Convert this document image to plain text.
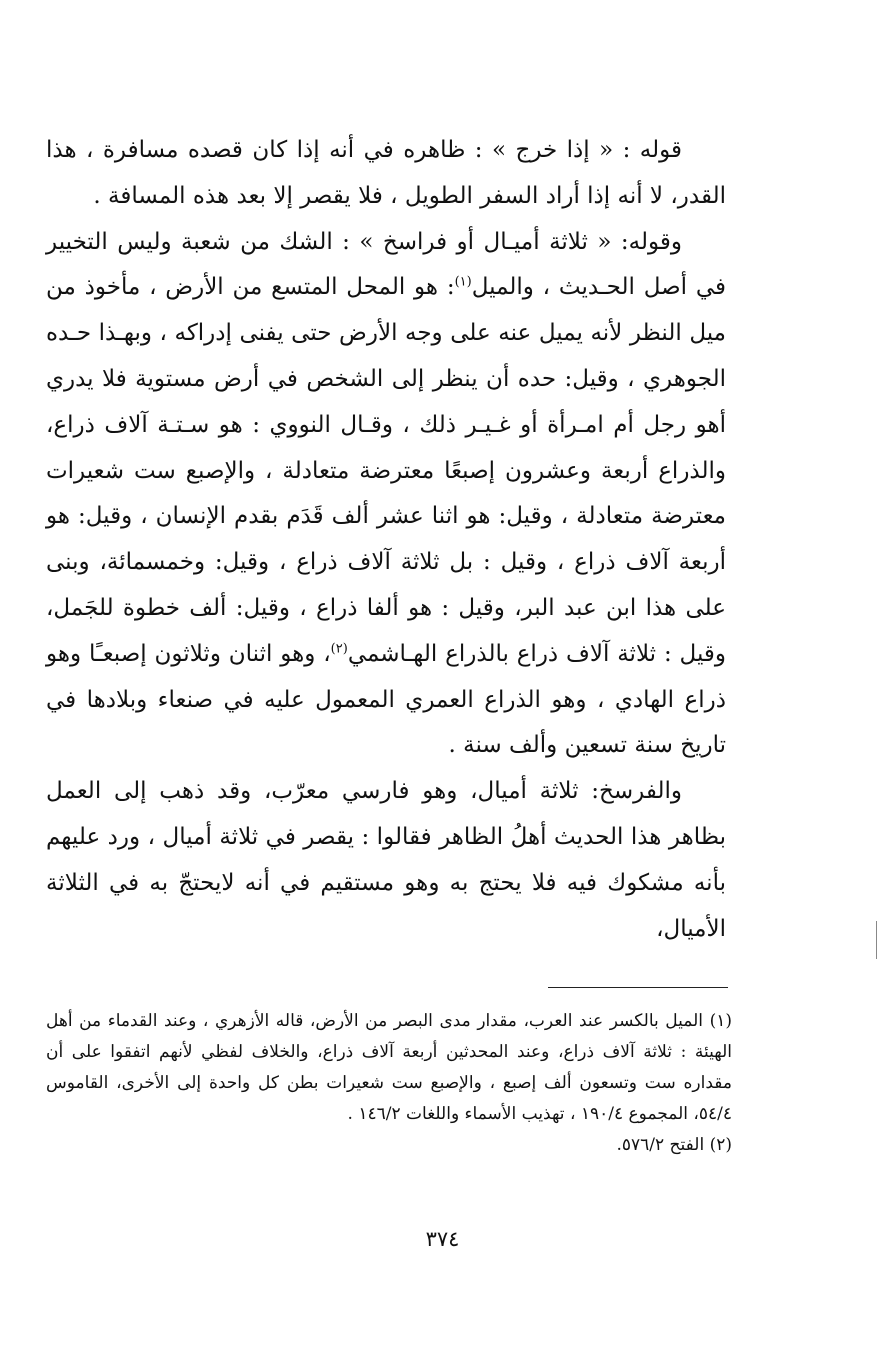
قوله : « إذا خرج » : ظاهره في أنه إذا كان قصده مسافرة ، هذا القدر، لا أنه إذا أراد السفر الطويل ، فلا يقصر إلا بعد هذه المسافة .

وقوله: « ثلاثة أميـال أو فراسخ » : الشك من شعبة وليس التخيير في أصل الحـديث ، والميل$^{(١)}$: هو المحل المتسع من الأرض ، مأخوذ من ميل النظر لأنه يميل عنه على وجه الأرض حتى يفنى إدراكه ، وبهـذا حـده الجوهري ، وقيل: حده أن ينظر إلى الشخص في أرض مستوية فلا يدري أهو رجل أم امـرأة أو غـيـر ذلك ، وقـال النووي : هو سـتـة آلاف ذراع، والذراع أربعة وعشرون إصبعًا معترضة متعادلة ، والإصبع ست شعيرات معترضة متعادلة ، وقيل: هو اثنا عشر ألف قَدَم بقدم الإنسان ، وقيل: هو أربعة آلاف ذراع ، وقيل : بل ثلاثة آلاف ذراع ، وقيل: وخمسمائة، وبنى على هذا ابن عبد البر، وقيل : هو ألفا ذراع ، وقيل: ألف خطوة للجَمل، وقيل : ثلاثة آلاف ذراع بالذراع الهـاشمي$^{(٢)}$، وهو اثنان وثلاثون إصبعـًا وهو ذراع الهادي ، وهو الذراع العمري المعمول عليه في صنعاء وبلادها في تاريخ سنة تسعين وألف سنة .

والفرسخ: ثلاثة أميال، وهو فارسي معرّب، وقد ذهب إلى العمل بظاهر هذا الحديث أهلُ الظاهر فقالوا : يقصر في ثلاثة أميال ، ورد عليهم بأنه مشكوك فيه فلا يحتج به وهو مستقيم في أنه لايحتجّ به في الثلاثة الأميال،

(١) الميل بالكسر عند العرب، مقدار مدى البصر من الأرض، قاله الأزهري ، وعند القدماء من أهل الهيئة : ثلاثة آلاف ذراع، وعند المحدثين أربعة آلاف ذراع، والخلاف لفظي لأنهم اتفقوا على أن مقداره ست وتسعون ألف إصبع ، والإصبع ست شعيرات بطن كل واحدة إلى الأخرى، القاموس ٥٤/٤، المجموع ١٩٠/٤ ، تهذيب الأسماء واللغات ١٤٦/٢ .

(٢) الفتح ٥٧٦/٢.

٣٧٤
